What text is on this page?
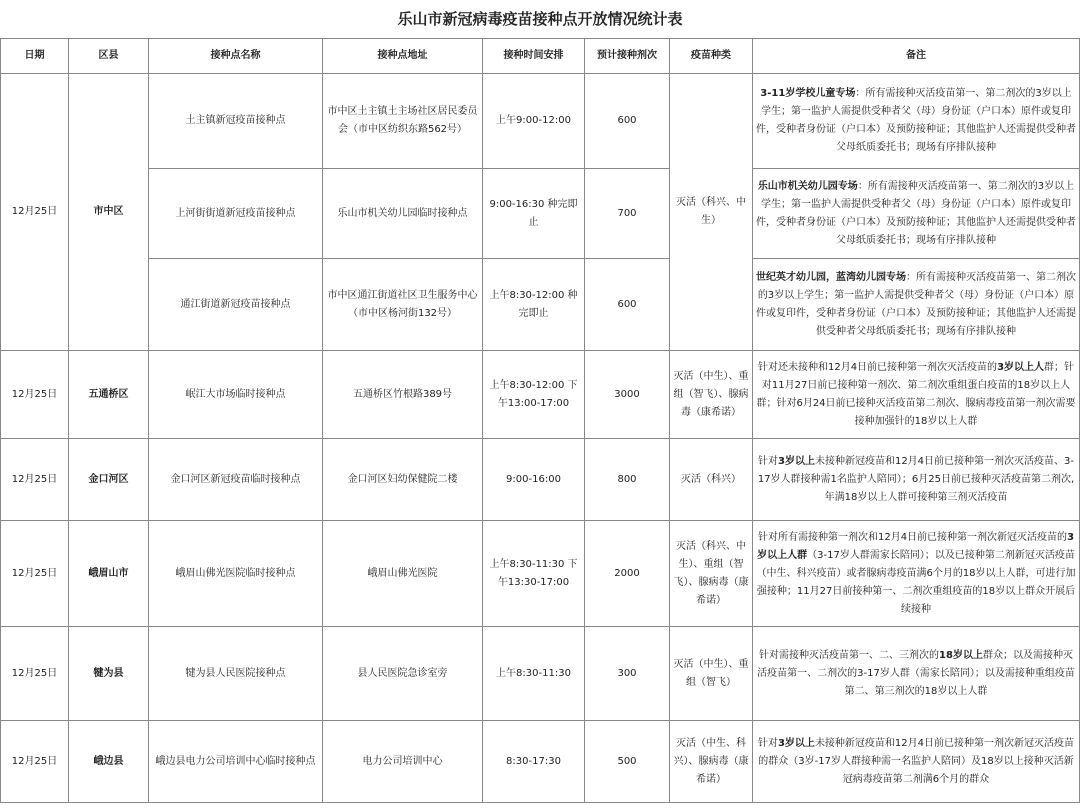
乐山市新冠病毒疫苗接种点开放情况统计表
日期	区县	接种点名称	接种点地址	接种时间安排	预计接种剂次	疫苗种类	备注
12月25日	市中区	土主镇新冠疫苗接种点	市中区土主镇土主场社区居民委员会（市中区纺织东路562号）	上午9:00-12:00	600	灭活（科兴、中生）	3-11岁学校儿童专场：所有需接种灭活疫苗第一、第二剂次的3岁以上学生；第一监护人需提供受种者父（母）身份证（户口本）原件或复印件，受种者身份证（户口本）及预防接种证；其他监护人还需提供受种者父母纸质委托书；现场有序排队接种
		上河街街道新冠疫苗接种点	乐山市机关幼儿园临时接种点	9:00-16:30 种完即止	700		乐山市机关幼儿园专场：所有需接种灭活疫苗第一、第二剂次的3岁以上学生；第一监护人需提供受种者父（母）身份证（户口本）原件或复印件，受种者身份证（户口本）及预防接种证；其他监护人还需提供受种者父母纸质委托书；现场有序排队接种
		通江街道新冠疫苗接种点	市中区通江街道社区卫生服务中心（市中区杨河街132号）	上午8:30-12:00 种完即止	600		世纪英才幼儿园，蓝湾幼儿园专场：所有需接种灭活疫苗第一、第二剂次的3岁以上学生；第一监护人需提供受种者父（母）身份证（户口本）原件或复印件，受种者身份证（户口本）及预防接种证；其他监护人还需提供受种者父母纸质委托书；现场有序排队接种
12月25日	五通桥区	岷江大市场临时接种点	五通桥区竹根路389号	上午8:30-12:00 下午13:00-17:00	3000	灭活（中生）、重组（智飞）、腺病毒（康希诺）	针对还未接种和12月4日前已接种第一剂次灭活疫苗的3岁以上人群；针对11月27日前已接种第一剂次、第二剂次重组蛋白疫苗的18岁以上人群；针对6月24日前已接种灭活疫苗第二剂次、腺病毒疫苗第一剂次需要接种加强针的18岁以上人群
12月25日	金口河区	金口河区新冠疫苗临时接种点	金口河区妇幼保健院二楼	9:00-16:00	800	灭活（科兴）	针对3岁以上未接种新冠疫苗和12月4日前已接种第一剂次灭活疫苗、3-17岁人群接种需1名监护人陪同）；6月25日前已接种灭活疫苗第二剂次,年满18岁以上人群可接种第三剂灭活疫苗
12月25日	峨眉山市	峨眉山佛光医院临时接种点	峨眉山佛光医院	上午8:30-11:30 下午13:30-17:00	2000	灭活（科兴、中生）、重组（智飞）、腺病毒（康希诺）	针对所有需接种第一剂次和12月4日前已接种第一剂次新冠灭活疫苗的3岁以上人群（3-17岁人群需家长陪同）；以及已接种第二剂新冠灭活疫苗（中生、科兴疫苗）或者腺病毒疫苗满6个月的18岁以上人群，可进行加强接种；11月27日前接种第一、二剂次重组疫苗的18岁以上群众开展后续接种
12月25日	犍为县	犍为县人民医院接种点	县人民医院急诊室旁	上午8:30-11:30	300	灭活（中生）、重组（智飞）	针对需接种灭活疫苗第一、二、三剂次的18岁以上群众；以及需接种灭活疫苗第一、二剂次的3-17岁人群（需家长陪同）；以及需接种重组疫苗第二、第三剂次的18岁以上人群
12月25日	峨边县	峨边县电力公司培训中心临时接种点	电力公司培训中心	8:30-17:30	500	灭活（中生、科兴）、腺病毒（康希诺）	针对3岁以上未接种新冠疫苗和12月4日前已接种第一剂次新冠灭活疫苗的群众（3岁-17岁人群接种需一名监护人陪同）及18岁以上接种灭活新冠病毒疫苗第二剂满6个月的群众
